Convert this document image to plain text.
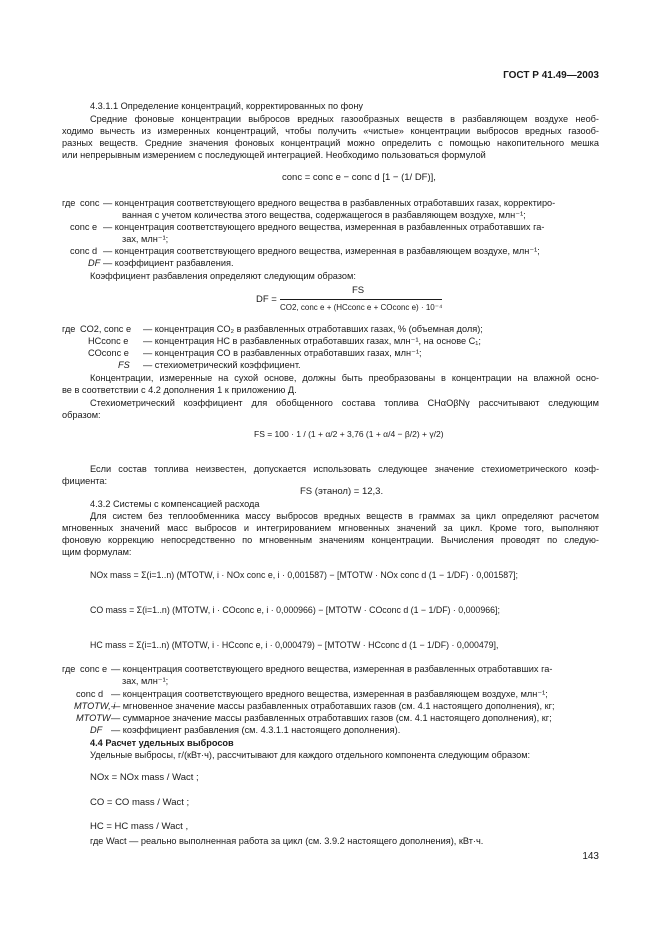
ГОСТ Р 41.49—2003
4.3.1.1 Определение концентраций, корректированных по фону
Средние фоновые концентрации выбросов вредных газообразных веществ в разбавляющем воздухе необ-
ходимо вычесть из измеренных концентраций, чтобы получить «чистые» концентрации выбросов вредных газооб-
разных веществ. Средние значения фоновых концентраций можно определить с помощью накопительного мешка
или непрерывным измерением с последующей интеграцией. Необходимо пользоваться формулой
conc = conc e − conc d [1 − (1/ DF)],
где conc — концентрация соответствующего вредного вещества в разбавленных отработавших газах, корректиро-
ванная с учетом количества этого вещества, содержащегося в разбавляющем воздухе, млн⁻¹;
conc e — концентрация соответствующего вредного вещества, измеренная в разбавленных отработавших га-
зах, млн⁻¹;
conc d — концентрация соответствующего вредного вещества, измеренная в разбавляющем воздухе, млн⁻¹;
DF — коэффициент разбавления.
Коэффициент разбавления определяют следующим образом:
DF =
FS
CO2, conc e + (HCconc e + COconc e) · 10⁻⁴
где CO2, conc e — концентрация CO₂ в разбавленных отработавших газах, % (объемная доля);
HCconc e — концентрация HC в разбавленных отработавших газах, млн⁻¹, на основе C₁;
COconc e — концентрация CO в разбавленных отработавших газах, млн⁻¹;
FS — стехиометрический коэффициент.
Концентрации, измеренные на сухой основе, должны быть преобразованы в концентрации на влажной осно-
ве в соответствии с 4.2 дополнения 1 к приложению Д.
Стехиометрический коэффициент для обобщенного состава топлива CHαOβNγ рассчитывают следующим
образом:
FS = 100 · 1 / (1 + α/2 + 3,76 (1 + α/4 − β/2) + γ/2)
Если состав топлива неизвестен, допускается использовать следующее значение стехиометрического коэф-
фициента:
FS (этанол) = 12,3.
4.3.2 Системы с компенсацией расхода
Для систем без теплообменника массу выбросов вредных веществ в граммах за цикл определяют расчетом
мгновенных значений масс выбросов и интегрированием мгновенных значений за цикл. Кроме того, выполняют
фоновую коррекцию непосредственно по мгновенным значениям концентрации. Вычисления проводят по следую-
щим формулам:
NOx mass = Σ(i=1..n) (MTOTW, i · NOx conc e, i · 0,001587) − [MTOTW · NOx conc d (1 − 1/DF) · 0,001587];
CO mass = Σ(i=1..n) (MTOTW, i · COconc e, i · 0,000966) − [MTOTW · COconc d (1 − 1/DF) · 0,000966];
HC mass = Σ(i=1..n) (MTOTW, i · HCconc e, i · 0,000479) − [MTOTW · HCconc d (1 − 1/DF) · 0,000479],
где conc e — концентрация соответствующего вредного вещества, измеренная в разбавленных отработавших га-
зах, млн⁻¹;
conc d — концентрация соответствующего вредного вещества, измеренная в разбавляющем воздухе, млн⁻¹;
MTOTW, i
— мгновенное значение массы разбавленных отработавших газов (см. 4.1 настоящего дополнения), кг;
MTOTW — суммарное значение массы разбавленных отработавших газов (см. 4.1 настоящего дополнения), кг;
DF — коэффициент разбавления (см. 4.3.1.1 настоящего дополнения).
4.4 Расчет удельных выбросов
Удельные выбросы, г/(кВт·ч), рассчитывают для каждого отдельного компонента следующим образом:
NOx = NOx mass / Wact ;
CO = CO mass / Wact ;
HC = HC mass / Wact ,
где Wact — реально выполненная работа за цикл (см. 3.9.2 настоящего дополнения), кВт·ч.
143
